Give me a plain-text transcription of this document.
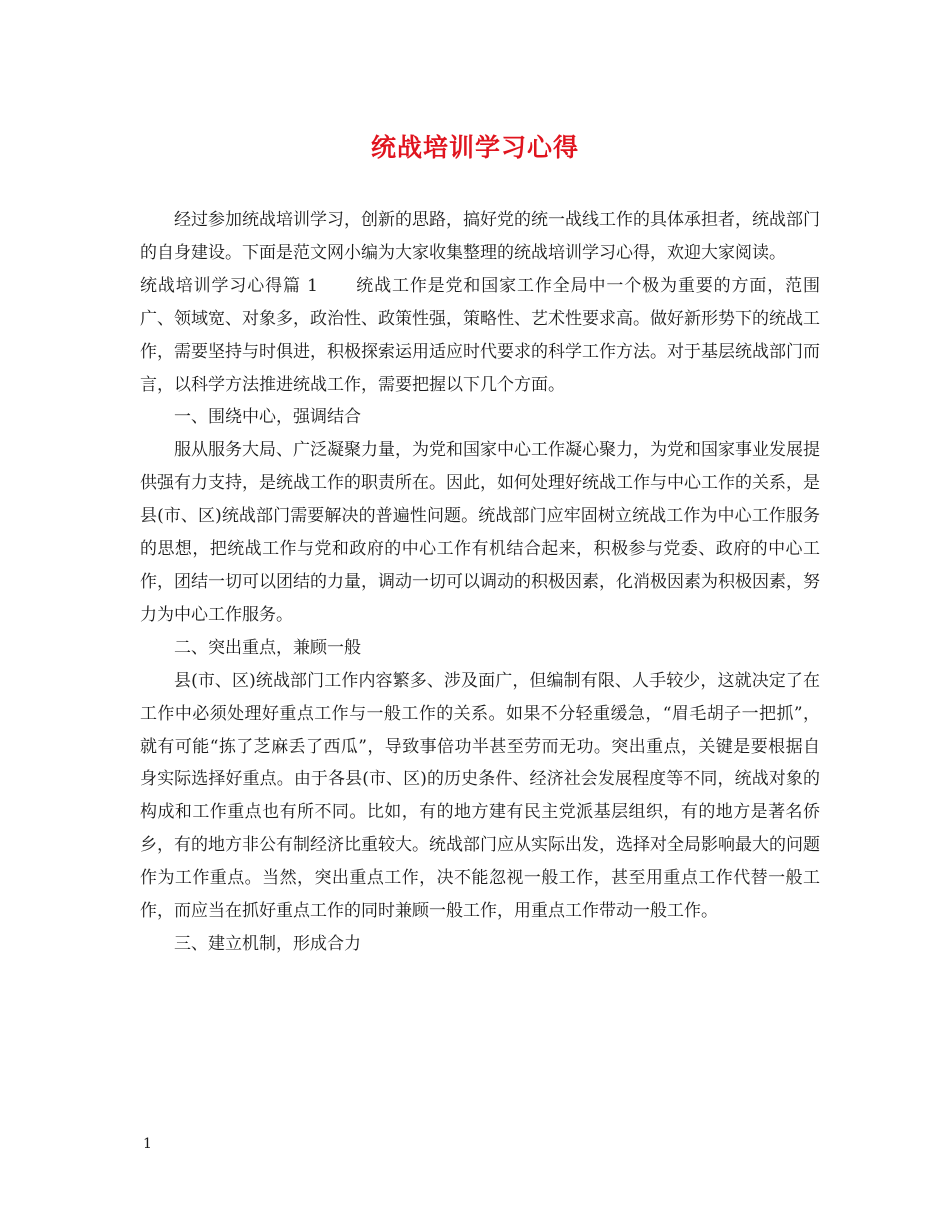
统战培训学习心得

经过参加统战培训学习，创新的思路，搞好党的统一战线工作的具体承担者，统战部门的自身建设。下面是范文网小编为大家收集整理的统战培训学习心得，欢迎大家阅读。

统战培训学习心得篇 1 统战工作是党和国家工作全局中一个极为重要的方面，范围广、领域宽、对象多，政治性、政策性强，策略性、艺术性要求高。做好新形势下的统战工作，需要坚持与时俱进，积极探索运用适应时代要求的科学工作方法。对于基层统战部门而言，以科学方法推进统战工作，需要把握以下几个方面。

一、围绕中心，强调结合

服从服务大局、广泛凝聚力量，为党和国家中心工作凝心聚力，为党和国家事业发展提供强有力支持，是统战工作的职责所在。因此，如何处理好统战工作与中心工作的关系，是县(市、区)统战部门需要解决的普遍性问题。统战部门应牢固树立统战工作为中心工作服务的思想，把统战工作与党和政府的中心工作有机结合起来，积极参与党委、政府的中心工作，团结一切可以团结的力量，调动一切可以调动的积极因素，化消极因素为积极因素，努力为中心工作服务。

二、突出重点，兼顾一般

县(市、区)统战部门工作内容繁多、涉及面广，但编制有限、人手较少，这就决定了在工作中必须处理好重点工作与一般工作的关系。如果不分轻重缓急，“眉毛胡子一把抓”，就有可能“拣了芝麻丢了西瓜”，导致事倍功半甚至劳而无功。突出重点，关键是要根据自身实际选择好重点。由于各县(市、区)的历史条件、经济社会发展程度等不同，统战对象的构成和工作重点也有所不同。比如，有的地方建有民主党派基层组织，有的地方是著名侨乡，有的地方非公有制经济比重较大。统战部门应从实际出发，选择对全局影响最大的问题作为工作重点。当然，突出重点工作，决不能忽视一般工作，甚至用重点工作代替一般工作，而应当在抓好重点工作的同时兼顾一般工作，用重点工作带动一般工作。

三、建立机制，形成合力

1
